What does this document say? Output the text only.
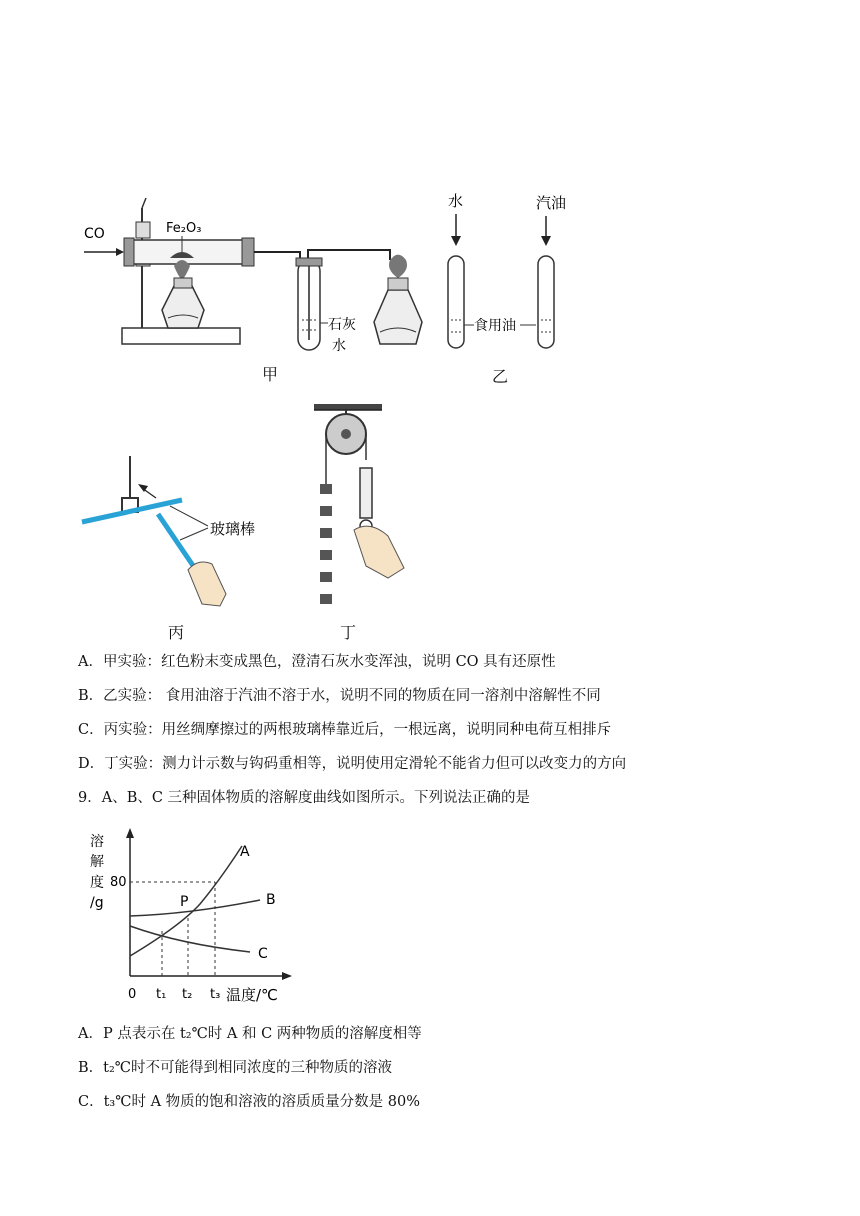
CO	Fe₂O₃
石灰
水
水
食用油
汽油
甲	乙
玻璃棒
丙	丁
A．甲实验：红色粉末变成黑色，澄清石灰水变浑浊，说明 CO 具有还原性
B．乙实验： 食用油溶于汽油不溶于水，说明不同的物质在同一溶剂中溶解性不同
C．丙实验：用丝绸摩擦过的两根玻璃棒靠近后，一根远离，说明同种电荷互相排斥
D．丁实验：测力计示数与钩码重相等，说明使用定滑轮不能省力但可以改变力的方向
9．A、B、C 三种固体物质的溶解度曲线如图所示。下列说法正确的是
溶
解
度
/g
80
A
B
C
P
0 t₁ t₂ t₃ 温度/℃
A．P 点表示在 t₂℃时 A 和 C 两种物质的溶解度相等
B．t₂℃时不可能得到相同浓度的三种物质的溶液
C．t₃℃时 A 物质的饱和溶液的溶质质量分数是 80%
